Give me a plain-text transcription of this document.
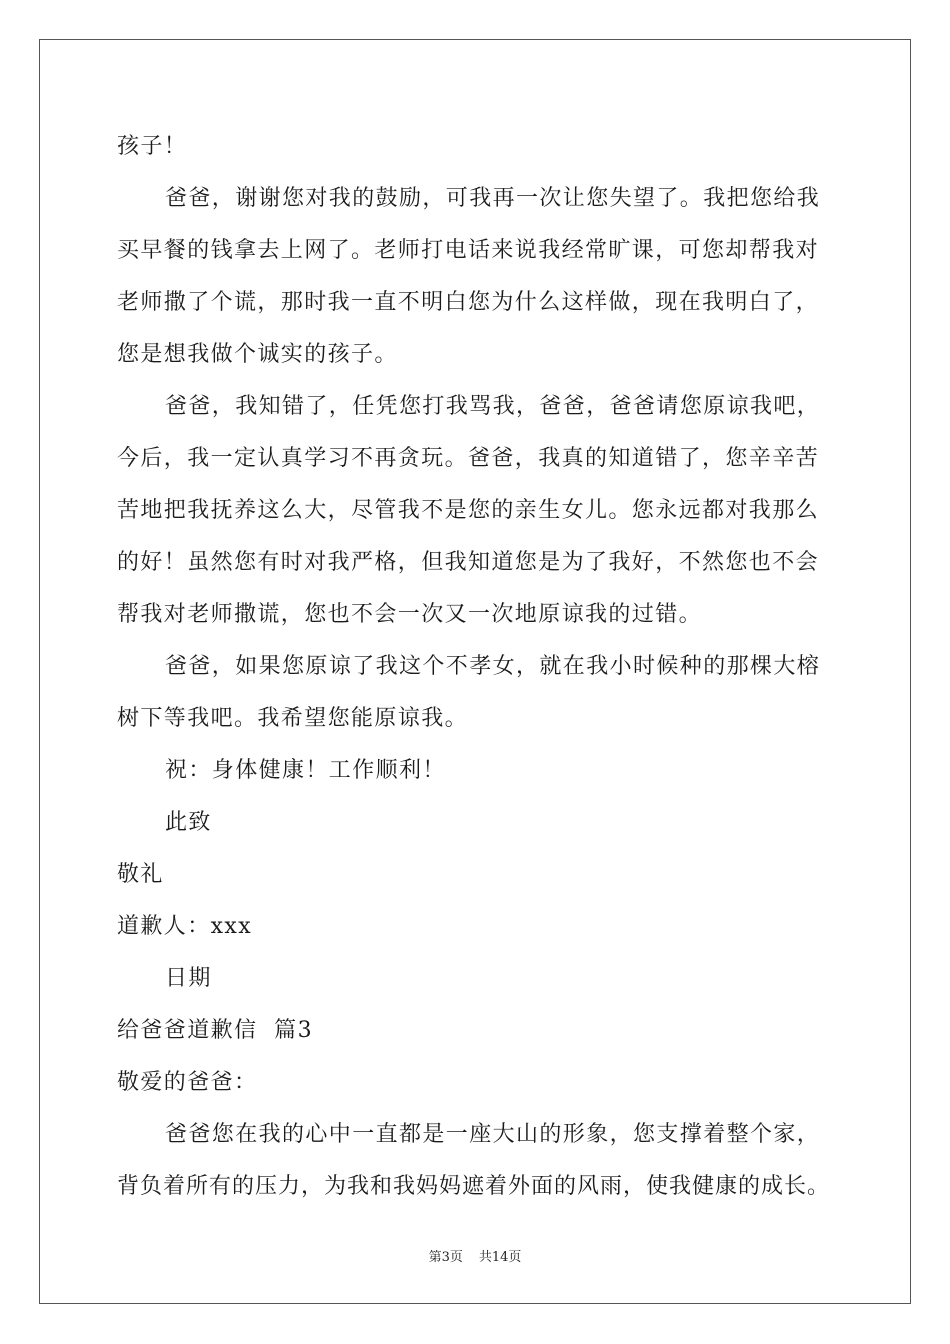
孩子！
爸爸，谢谢您对我的鼓励，可我再一次让您失望了。我把您给我
买早餐的钱拿去上网了。老师打电话来说我经常旷课，可您却帮我对
老师撒了个谎，那时我一直不明白您为什么这样做，现在我明白了，
您是想我做个诚实的孩子。
爸爸，我知错了，任凭您打我骂我，爸爸，爸爸请您原谅我吧，
今后，我一定认真学习不再贪玩。爸爸，我真的知道错了，您辛辛苦
苦地把我抚养这么大，尽管我不是您的亲生女儿。您永远都对我那么
的好！虽然您有时对我严格，但我知道您是为了我好，不然您也不会
帮我对老师撒谎，您也不会一次又一次地原谅我的过错。
爸爸，如果您原谅了我这个不孝女，就在我小时候种的那棵大榕
树下等我吧。我希望您能原谅我。
祝：身体健康！工作顺利！
此致
敬礼
道歉人：xxx
日期
给爸爸道歉信  篇3
敬爱的爸爸：
爸爸您在我的心中一直都是一座大山的形象，您支撑着整个家，
背负着所有的压力，为我和我妈妈遮着外面的风雨，使我健康的成长。
第3页 共14页
